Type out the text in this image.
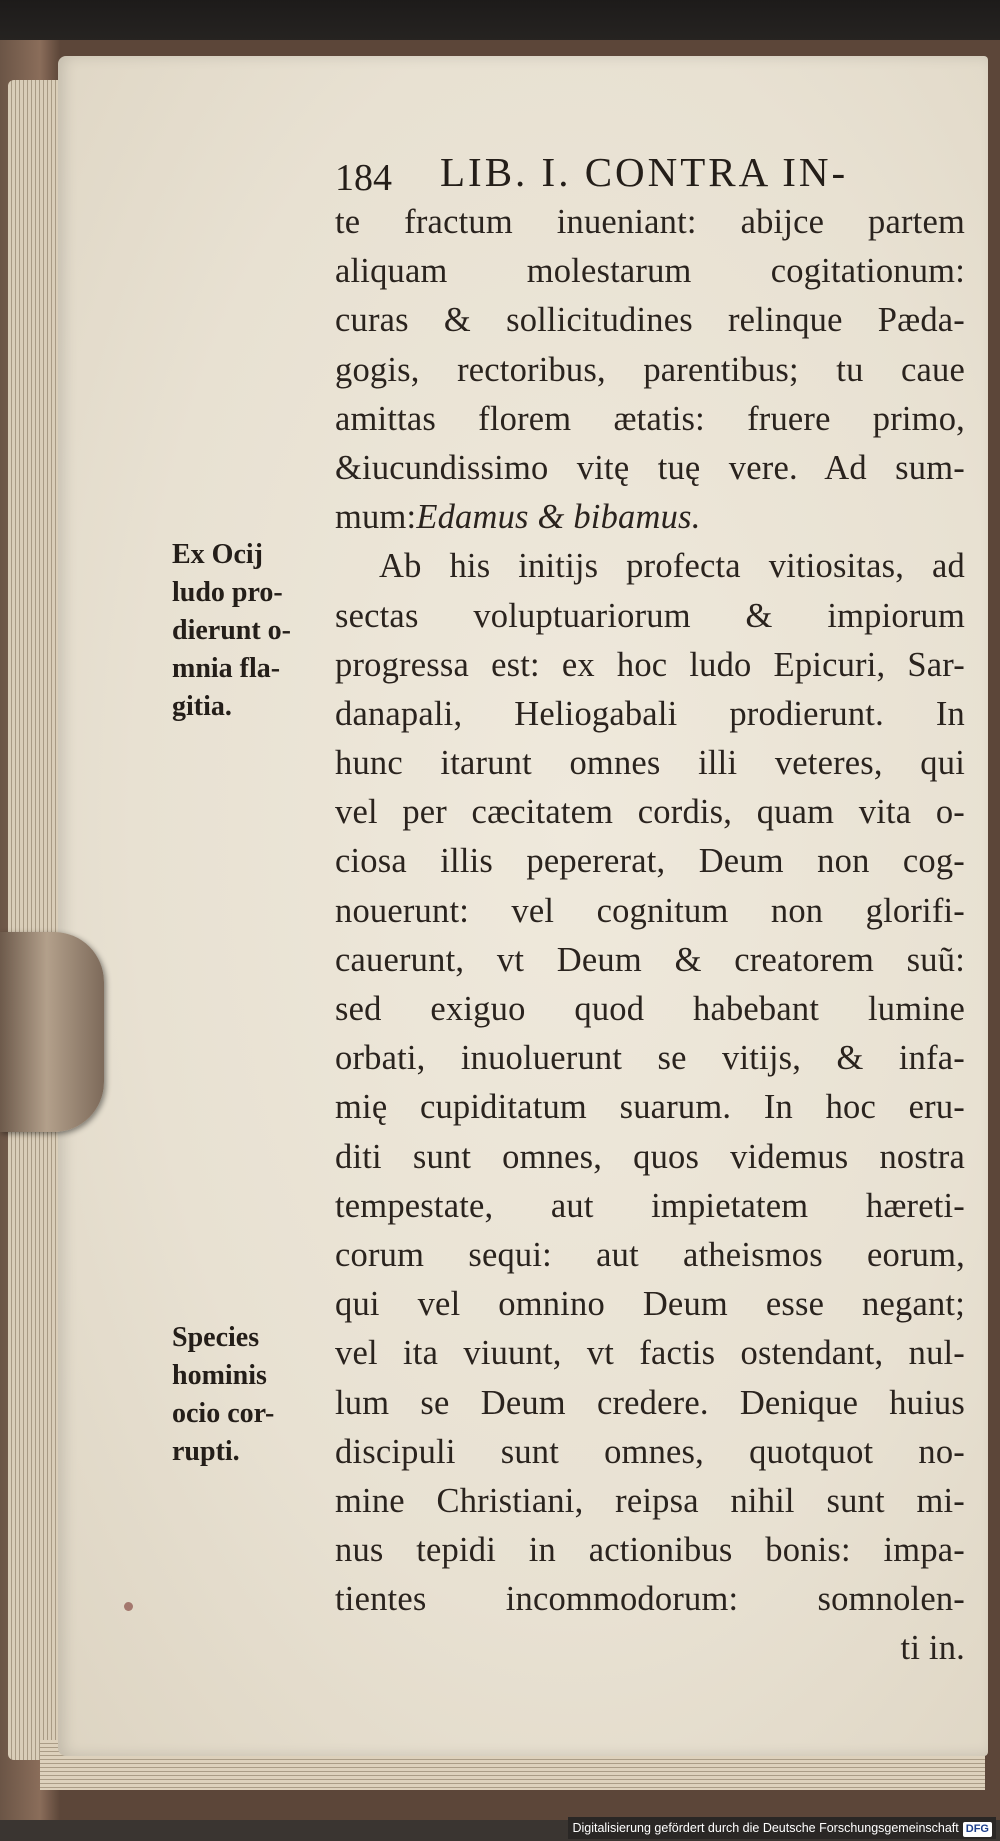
184 LIB. I. CONTRA IN-
te fractum inueniant: abijce partem
aliquam molestarum cogitationum:
curas & sollicitudines relinque Pæda-
gogis, rectoribus, parentibus; tu caue
amittas florem ætatis: fruere primo,
&iucundissimo vitę tuę vere. Ad sum-
mum:Edamus & bibamus.
Ab his initijs profecta vitiositas, ad
sectas voluptuariorum & impiorum
progressa est: ex hoc ludo Epicuri, Sar-
danapali, Heliogabali prodierunt. In
hunc itarunt omnes illi veteres, qui
vel per cæcitatem cordis, quam vita o-
ciosa illis pepererat, Deum non cog-
nouerunt: vel cognitum non glorifi-
cauerunt, vt Deum & creatorem suũ:
sed exiguo quod habebant lumine
orbati, inuoluerunt se vitijs, & infa-
mię cupiditatum suarum. In hoc eru-
diti sunt omnes, quos videmus nostra
tempestate, aut impietatem hæreti-
corum sequi: aut atheismos eorum,
qui vel omnino Deum esse negant;
vel ita viuunt, vt factis ostendant, nul-
lum se Deum credere. Denique huius
discipuli sunt omnes, quotquot no-
mine Christiani, reipsa nihil sunt mi-
nus tepidi in actionibus bonis: impa-
tientes incommodorum: somnolen-
ti in.
Ex Ocij
ludo pro-
dierunt o-
mnia fla-
gitia.
Species
hominis
ocio cor-
rupti.
Digitalisierung gefördert durch die Deutsche Forschungsgemeinschaft DFG
